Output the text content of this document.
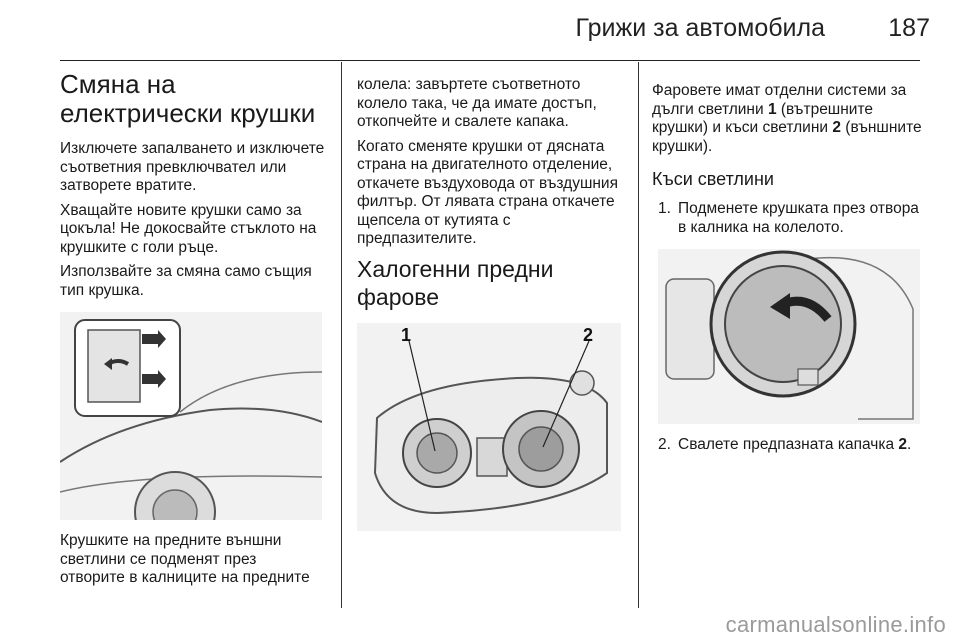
Грижи за автомобила	187
Смяна на електрически крушки

Изключете запалването и изключете съответния превключвател или затворете вратите.

Хващайте новите крушки само за цокъла! Не докосвайте стъклото на крушките с голи ръце.

Използвайте за смяна само същия тип крушка.

Крушките на предните външни светлини се подменят през отворите в калниците на предните

колела: завъртете съответното колело така, че да имате достъп, откопчейте и свалете капака.

Когато сменяте крушки от дясната страна на двигателното отделение, откачете въздуховода от въздушния филтър. От лявата страна откачете щепсела от кутията с предпазителите.

Халогенни предни фарове
1	2

Фаровете имат отделни системи за дълги светлини 1 (вътрешните крушки) и къси светлини 2 (външните крушки).

Къси светлини
1. Подменете крушката през отвора в калника на колелото.
2. Свалете предпазната капачка 2.
carmanualsonline.info
